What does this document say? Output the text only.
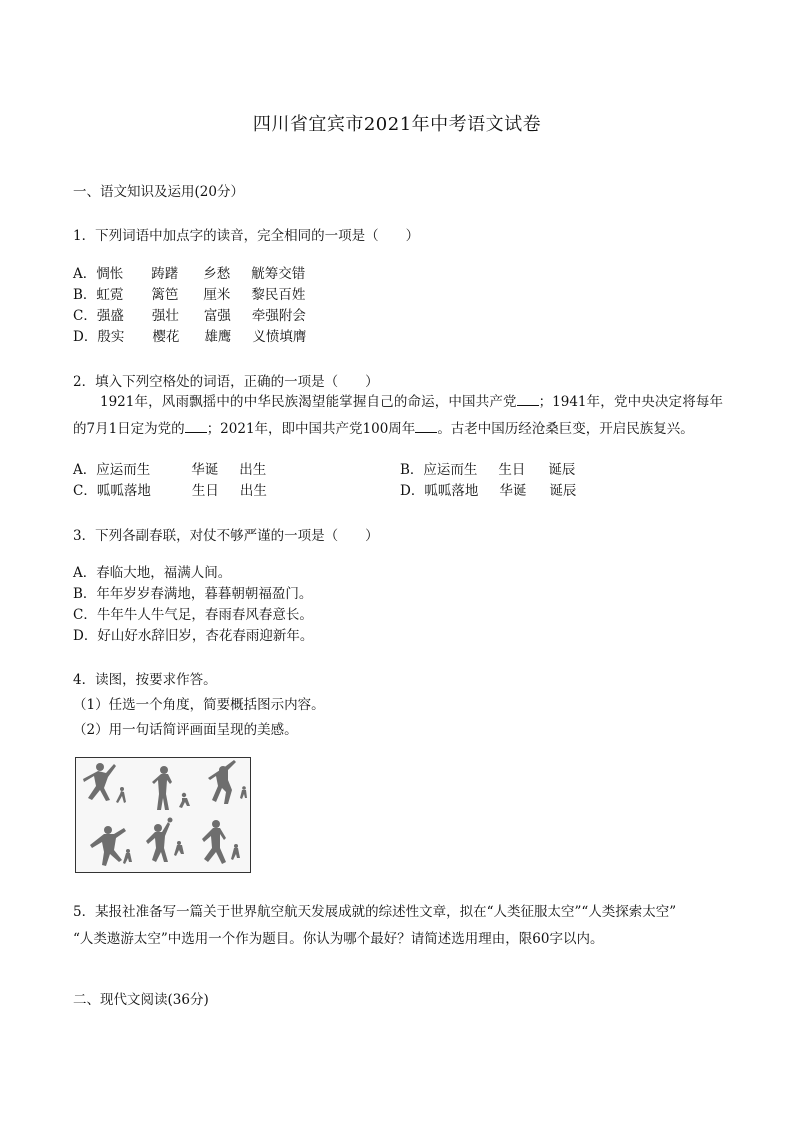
四川省宜宾市2021年中考语文试卷
一、语文知识及运用(20分）
1．下列词语中加点字的读音，完全相同的一项是（　　）
A．惆怅 踌躇 乡愁 觥筹交错
B．虹霓 篱笆 厘米 黎民百姓
C．强盛 强壮 富强 牵强附会
D．殷实 樱花 雄鹰 义愤填膺
2．填入下列空格处的词语，正确的一项是（　　）
1921年，风雨飘摇中的中华民族渴望能掌握自己的命运，中国共产党 ；1941年，党中央决定将每年的7月1日定为党的 ；2021年，即中国共产党100周年 。古老中国历经沧桑巨变，开启民族复兴。
A．应运而生	华诞 出生	B．应运而生 生日 诞辰
C．呱呱落地	生日 出生	D．呱呱落地 华诞 诞辰
3．下列各副春联，对仗不够严谨的一项是（　　）
A．春临大地，福满人间。
B．年年岁岁春满地，暮暮朝朝福盈门。
C．牛年牛人牛气足，春雨春风春意长。
D．好山好水辞旧岁，杏花春雨迎新年。
4．读图，按要求作答。
（1）任选一个角度，简要概括图示内容。
（2）用一句话简评画面呈现的美感。
5．某报社准备写一篇关于世界航空航天发展成就的综述性文章，拟在“人类征服太空”“人类探索太空”
“人类遨游太空”中选用一个作为题目。你认为哪个最好？请简述选用理由，限60字以内。
二、现代文阅读(36分)
